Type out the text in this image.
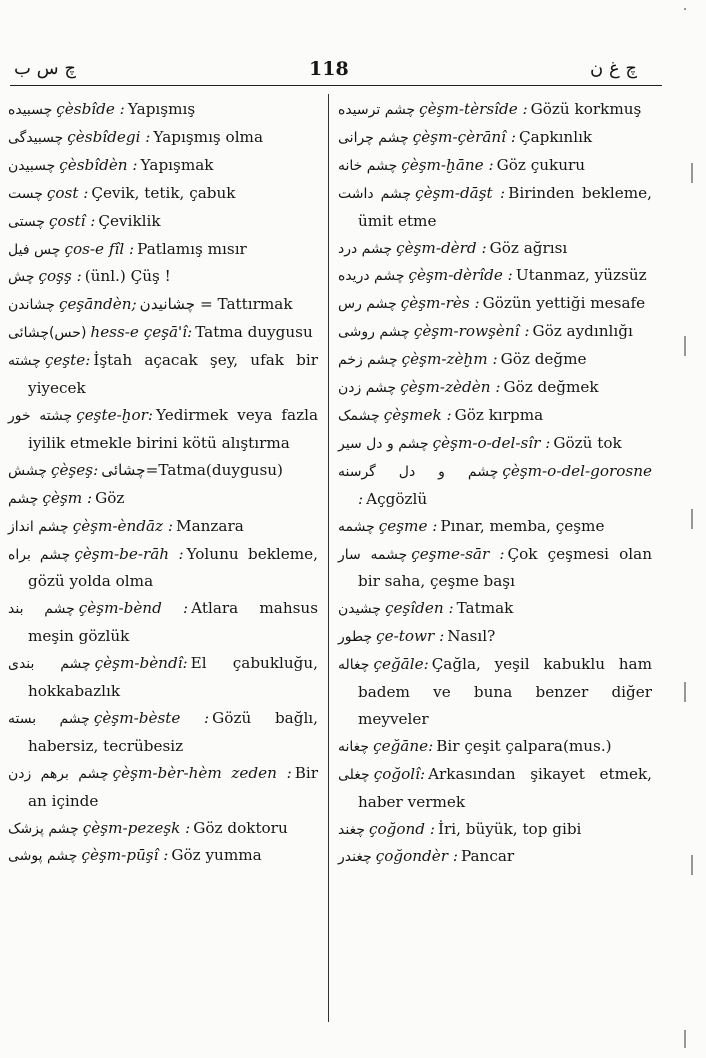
ﭺ س ب	118	ﭺ غ ن
چسبیده çèsbîde : Yapışmış
چسبیدگی çèsbîdegi : Yapışmış olma
چسبیدن çèsbîdèn : Yapışmak
چست çost : Çevik, tetik, çabuk
چستی çostî : Çeviklik
چس فیل ços-e fîl : Patlamış mısır
چش çoşş : (ünl.) Çüş !
چشاندن çeşāndèn; چشانیدن = Tattırmak
(حس)چشائی hess-e çeşā'î: Tatma duygusu
چشته çeşte: İştah açacak şey, ufak bir yiyecek
چشته خور çeşte-ḫor: Yedirmek veya fazla iyilik etmekle birini kötü alıştırma
چشش çèşeş: چشائی=Tatma(duygusu)
چشم çèşm : Göz
چشم انداز çèşm-èndāz : Manzara
چشم براه çèşm-be-rāh : Yolunu bekleme, gözü yolda olma
چشم بند çèşm-bènd : Atlara mahsus meşin gözlük
چشم بندی çèşm-bèndî: El çabukluğu, hokkabazlık
چشم بسته çèşm-bèste : Gözü bağlı, habersiz, tecrübesiz
چشم برهم زدن çèşm-bèr-hèm zeden : Bir an içinde
چشم پزشک çèşm-pezeşk : Göz doktoru
چشم پوشی çèşm-pūşî : Göz yumma
چشم ترسیده çèşm-tèrsîde : Gözü korkmuş
چشم چرانی çèşm-çèrānî : Çapkınlık
چشم خانه çèşm-ḫāne : Göz çukuru
چشم داشت çèşm-dāşt : Birinden bekleme, ümit etme
چشم درد çèşm-dèrd : Göz ağrısı
چشم دریده çèşm-dèrîde : Utanmaz, yüzsüz
چشم رس çèşm-rès : Gözün yettiği mesafe
چشم روشی çèşm-rowşènî : Göz aydınlığı
چشم زخم çèşm-zèḫm : Göz değme
چشم زدن çèşm-zèdèn : Göz değmek
چشمک çèşmek : Göz kırpma
چشم و دل سیر çèşm-o-del-sîr : Gözü tok
چشم و دل گرسنه çèşm-o-del-gorosne : Açgözlü
چشمه çeşme : Pınar, memba, çeşme
چشمه سار çeşme-sār : Çok çeşmesi olan bir saha, çeşme başı
چشیدن çeşîden : Tatmak
چطور çe-towr : Nasıl?
چغاله çeğāle: Çağla, yeşil kabuklu ham badem ve buna benzer diğer meyveler
چغانه çeğāne: Bir çeşit çalpara(mus.)
چغلی çoğolî: Arkasından şikayet etmek, haber vermek
چغند çoğond : İri, büyük, top gibi
چغندر çoğondèr : Pancar
